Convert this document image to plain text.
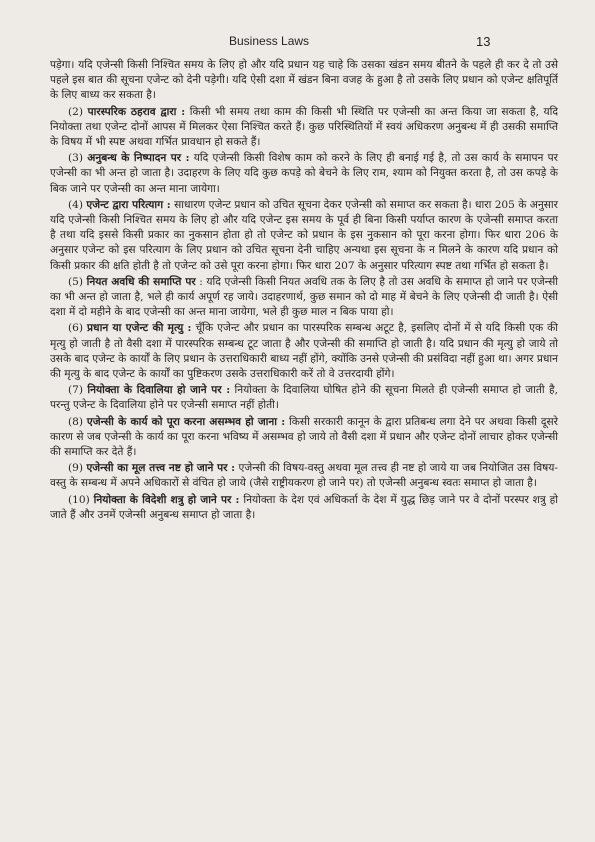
Business Laws	13

पड़ेगा। यदि एजेन्सी किसी निश्चित समय के लिए हो और यदि प्रधान यह चाहे कि उसका खंडन समय बीतने के पहले ही कर दे तो उसे पहले इस बात की सूचना एजेन्ट को देनी पड़ेगी। यदि ऐसी दशा में खंडन बिना वजह के हुआ है तो उसके लिए प्रधान को एजेन्ट क्षतिपूर्ति के लिए बाध्य कर सकता है।

(2) पारस्परिक ठहराव द्वारा : किसी भी समय तथा काम की किसी भी स्थिति पर एजेन्सी का अन्त किया जा सकता है, यदि नियोक्ता तथा एजेन्ट दोनों आपस में मिलकर ऐसा निश्चित करते हैं। कुछ परिस्थितियों में स्वयं अधिकरण अनुबन्ध में ही उसकी समाप्ति के विषय में भी स्पष्ट अथवा गर्भित प्रावधान हो सकते हैं।

(3) अनुबन्ध के निष्पादन पर : यदि एजेन्सी किसी विशेष काम को करने के लिए ही बनाई गई है, तो उस कार्य के समापन पर एजेन्सी का भी अन्त हो जाता है। उदाहरण के लिए यदि कुछ कपड़े को बेचने के लिए राम, श्याम को नियुक्त करता है, तो उस कपड़े के बिक जाने पर एजेन्सी का अन्त माना जायेगा।

(4) एजेन्ट द्वारा परित्याग : साधारण एजेन्ट प्रधान को उचित सूचना देकर एजेन्सी को समाप्त कर सकता है। धारा 205 के अनुसार यदि एजेन्सी किसी निश्चित समय के लिए हो और यदि एजेन्ट इस समय के पूर्व ही बिना किसी पर्याप्त कारण के एजेन्सी समाप्त करता है तथा यदि इससे किसी प्रकार का नुकसान होता हो तो एजेन्ट को प्रधान के इस नुकसान को पूरा करना होगा। फिर धारा 206 के अनुसार एजेन्ट को इस परित्याग के लिए प्रधान को उचित सूचना देनी चाहिए अन्यथा इस सूचना के न मिलने के कारण यदि प्रधान को किसी प्रकार की क्षति होती है तो एजेन्ट को उसे पूरा करना होगा। फिर धारा 207 के अनुसार परित्याग स्पष्ट तथा गर्भित हो सकता है।

(5) नियत अवधि की समाप्ति पर : यदि एजेन्सी किसी नियत अवधि तक के लिए है तो उस अवधि के समाप्त हो जाने पर एजेन्सी का भी अन्त हो जाता है, भले ही कार्य अपूर्ण रह जाये। उदाहरणार्थ, कुछ समान को दो माह में बेचने के लिए एजेन्सी दी जाती है। ऐसी दशा में दो महीने के बाद एजेन्सी का अन्त माना जायेगा, भले ही कुछ माल न बिक पाया हो।

(6) प्रधान या एजेन्ट की मृत्यु : चूँकि एजेन्ट और प्रधान का पारस्परिक सम्बन्ध अटूट है, इसलिए दोनों में से यदि किसी एक की मृत्यु हो जाती है तो वैसी दशा में पारस्परिक सम्बन्ध टूट जाता है और एजेन्सी की समाप्ति हो जाती है। यदि प्रधान की मृत्यु हो जाये तो उसके बाद एजेन्ट के कार्यों के लिए प्रधान के उत्तराधिकारी बाध्य नहीं होंगे, क्योंकि उनसे एजेन्सी की प्रसंविदा नहीं हुआ था। अगर प्रधान की मृत्यु के बाद एजेन्ट के कार्यों का पुष्टिकरण उसके उत्तराधिकारी करें तो वे उत्तरदायी होंगे।

(7) नियोक्ता के दिवालिया हो जाने पर : नियोक्ता के दिवालिया घोषित होने की सूचना मिलते ही एजेन्सी समाप्त हो जाती है, परन्तु एजेन्ट के दिवालिया होने पर एजेन्सी समाप्त नहीं होती।

(8) एजेन्सी के कार्य को पूरा करना असम्भव हो जाना : किसी सरकारी कानून के द्वारा प्रतिबन्ध लगा देने पर अथवा किसी दूसरे कारण से जब एजेन्सी के कार्य का पूरा करना भविष्य में असम्भव हो जाये तो वैसी दशा में प्रधान और एजेन्ट दोनों लाचार होकर एजेन्सी की समाप्ति कर देते हैं।

(9) एजेन्सी का मूल तत्त्व नष्ट हो जाने पर : एजेन्सी की विषय-वस्तु अथवा मूल तत्त्व ही नष्ट हो जाये या जब नियोजित उस विषय-वस्तु के सम्बन्ध में अपने अधिकारों से वंचित हो जाये (जैसे राष्ट्रीयकरण हो जाने पर) तो एजेन्सी अनुबन्ध स्वतः समाप्त हो जाता है।

(10) नियोक्ता के विदेशी शत्रु हो जाने पर : नियोक्ता के देश एवं अधिकर्ता के देश में युद्ध छिड़ जाने पर वे दोनों परस्पर शत्रु हो जाते हैं और उनमें एजेन्सी अनुबन्ध समाप्त हो जाता है।
